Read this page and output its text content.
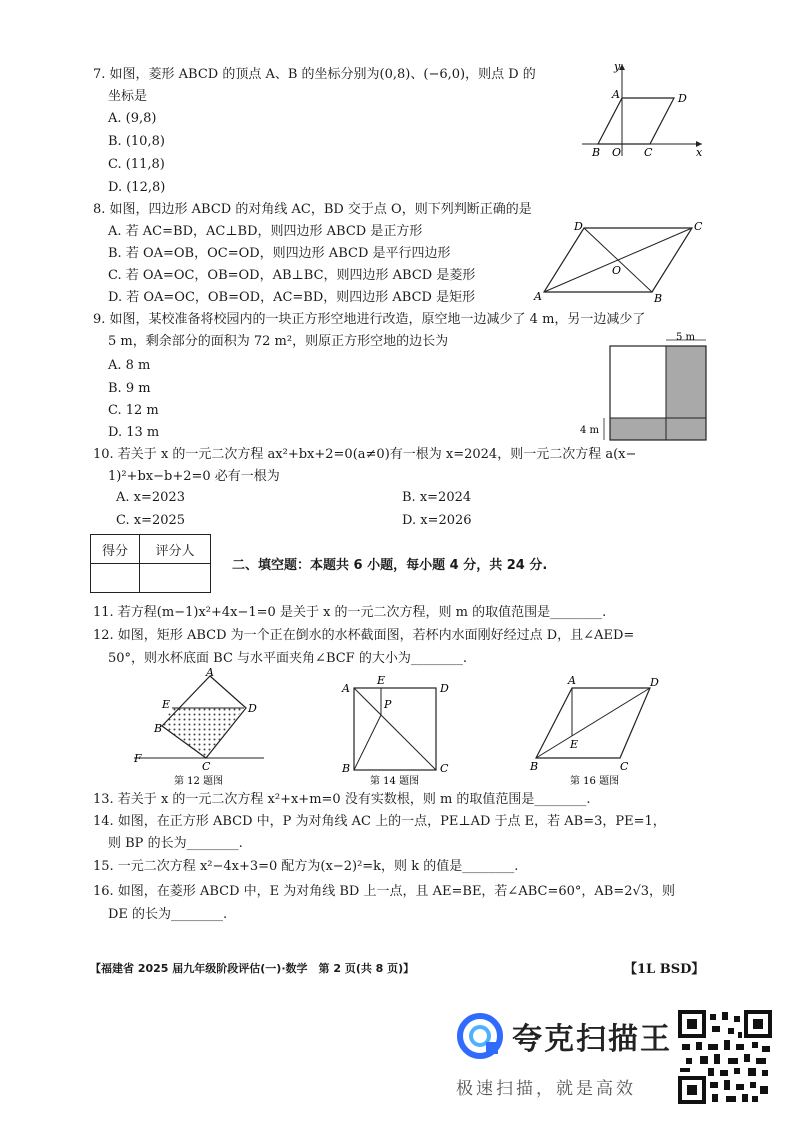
7. 如图，菱形 ABCD 的顶点 A、B 的坐标分别为(0,8)、(−6,0)，则点 D 的
坐标是
A. (9,8)
B. (10,8)
C. (11,8)
D. (12,8)
y
x
A	D
B O C
8. 如图，四边形 ABCD 的对角线 AC，BD 交于点 O，则下列判断正确的是
A. 若 AC=BD，AC⊥BD，则四边形 ABCD 是正方形
B. 若 OA=OB，OC=OD，则四边形 ABCD 是平行四边形
C. 若 OA=OC，OB=OD，AB⊥BC，则四边形 ABCD 是菱形
D. 若 OA=OC，OB=OD，AC=BD，则四边形 ABCD 是矩形
D	C
O
A	B
9. 如图，某校准备将校园内的一块正方形空地进行改造，原空地一边减少了 4 m，另一边减少了
5 m，剩余部分的面积为 72 m²，则原正方形空地的边长为
A. 8 m
B. 9 m
C. 12 m
D. 13 m
5 m
4 m
10. 若关于 x 的一元二次方程 ax²+bx+2=0(a≠0)有一根为 x=2024，则一元二次方程 a(x−
1)²+bx−b+2=0 必有一根为
A. x=2023	B. x=2024
C. x=2025	D. x=2026
得分	评分人

二、填空题：本题共 6 小题，每小题 4 分，共 24 分.
11. 若方程(m−1)x²+4x−1=0 是关于 x 的一元二次方程，则 m 的取值范围是________.
12. 如图，矩形 ABCD 为一个正在倒水的水杯截面图，若杯内水面刚好经过点 D，且∠AED=
50°，则水杯底面 BC 与水平面夹角∠BCF 的大小为________.
A
E	D
B
F
C
第 12 题图
A
E
D
P
B	C
第 14 题图
A	D
E
B	C
第 16 题图
13. 若关于 x 的一元二次方程 x²+x+m=0 没有实数根，则 m 的取值范围是________.
14. 如图，在正方形 ABCD 中，P 为对角线 AC 上的一点，PE⊥AD 于点 E，若 AB=3，PE=1，
则 BP 的长为________.
15. 一元二次方程 x²−4x+3=0 配方为(x−2)²=k，则 k 的值是________.
16. 如图，在菱形 ABCD 中，E 为对角线 BD 上一点，且 AE=BE，若∠ABC=60°，AB=2√3，则
DE 的长为________.
【福建省 2025 届九年级阶段评估(一)·数学　第 2 页(共 8 页)】	【1L BSD】
夸克扫描王
极速扫描，就是高效
